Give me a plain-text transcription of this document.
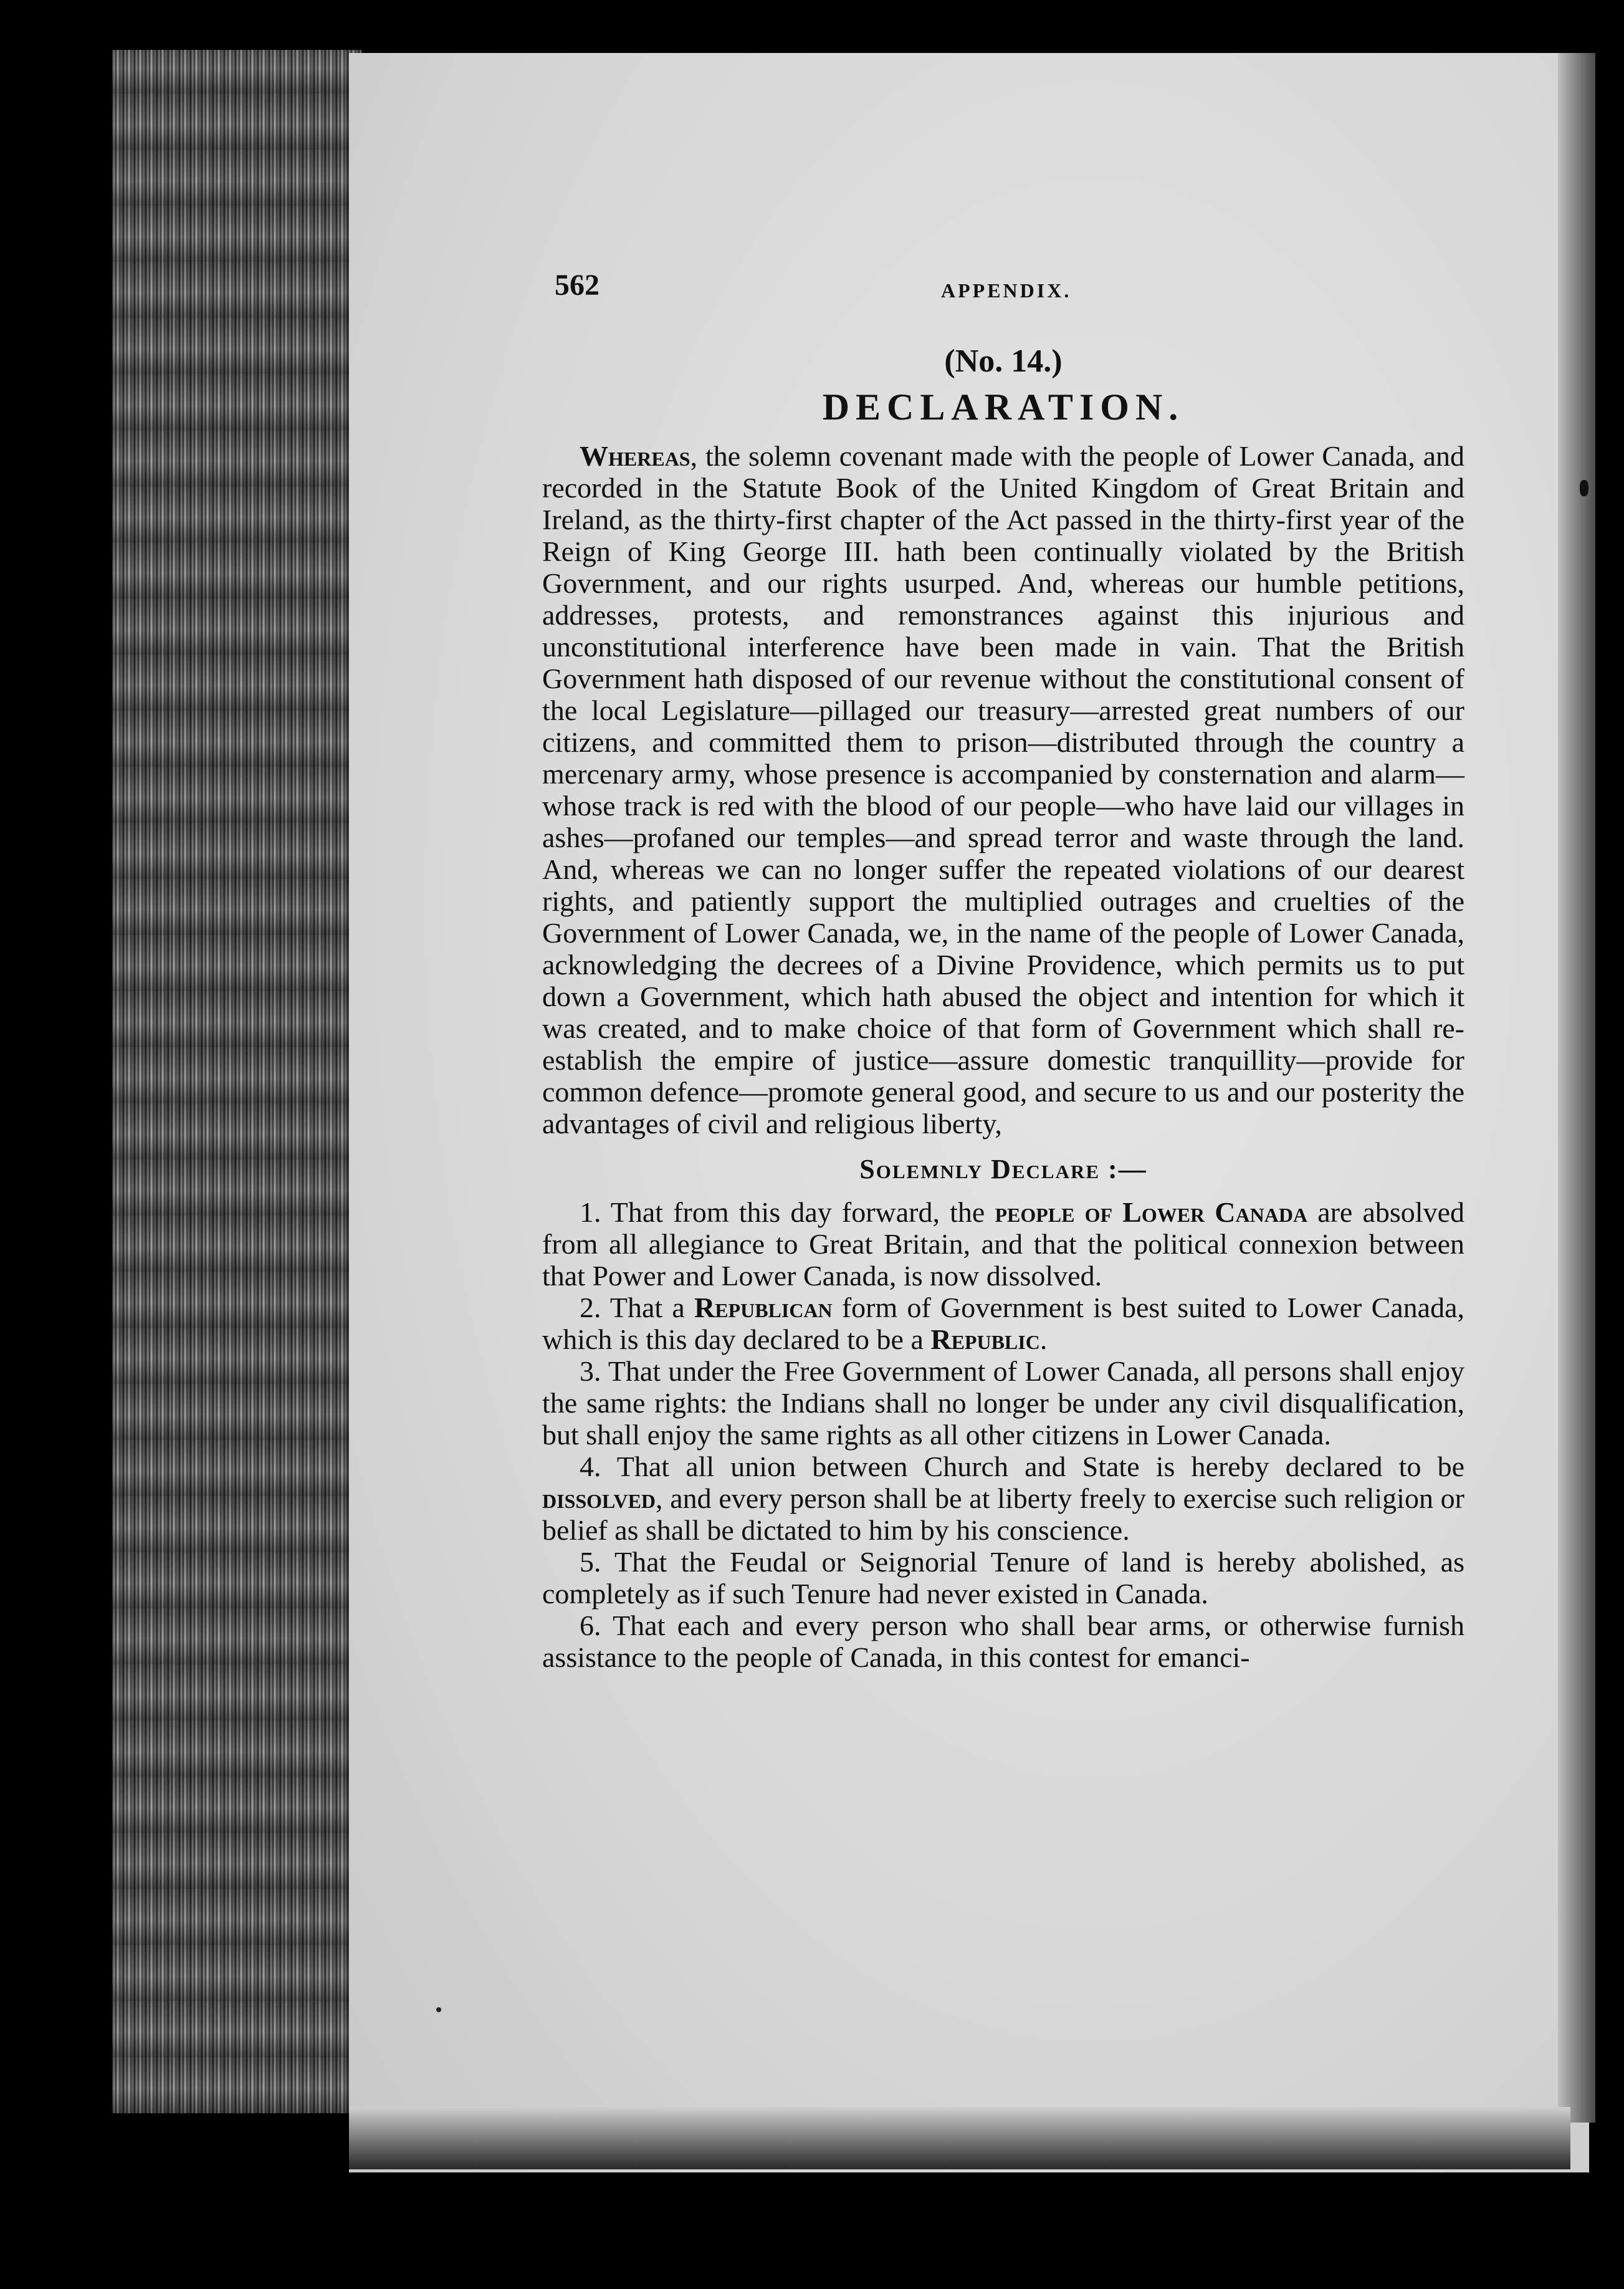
562	APPENDIX.
(No. 14.)
DECLARATION.

Whereas, the solemn covenant made with the people of Lower Canada, and recorded in the Statute Book of the United Kingdom of Great Britain and Ireland, as the thirty-first chapter of the Act passed in the thirty-first year of the Reign of King George III. hath been continually violated by the British Government, and our rights usurped. And, whereas our humble petitions, addresses, protests, and remonstrances against this injurious and unconstitutional interference have been made in vain. That the British Government hath disposed of our revenue without the constitutional consent of the local Legislature—pillaged our treasury—arrested great numbers of our citizens, and committed them to prison—distributed through the country a mercenary army, whose presence is accompanied by consternation and alarm—whose track is red with the blood of our people—who have laid our villages in ashes—profaned our temples—and spread terror and waste through the land. And, whereas we can no longer suffer the repeated violations of our dearest rights, and patiently support the multiplied outrages and cruelties of the Government of Lower Canada, we, in the name of the people of Lower Canada, acknowledging the decrees of a Divine Providence, which permits us to put down a Government, which hath abused the object and intention for which it was created, and to make choice of that form of Government which shall re-establish the empire of justice—assure domestic tranquillity—provide for common defence—promote general good, and secure to us and our posterity the advantages of civil and religious liberty,

Solemnly Declare :—

1. That from this day forward, the people of Lower Canada are absolved from all allegiance to Great Britain, and that the political connexion between that Power and Lower Canada, is now dissolved.

2. That a Republican form of Government is best suited to Lower Canada, which is this day declared to be a Republic.

3. That under the Free Government of Lower Canada, all persons shall enjoy the same rights: the Indians shall no longer be under any civil disqualification, but shall enjoy the same rights as all other citizens in Lower Canada.

4. That all union between Church and State is hereby declared to be dissolved, and every person shall be at liberty freely to exercise such religion or belief as shall be dictated to him by his conscience.

5. That the Feudal or Seignorial Tenure of land is hereby abolished, as completely as if such Tenure had never existed in Canada.

6. That each and every person who shall bear arms, or otherwise furnish assistance to the people of Canada, in this contest for emanci-
